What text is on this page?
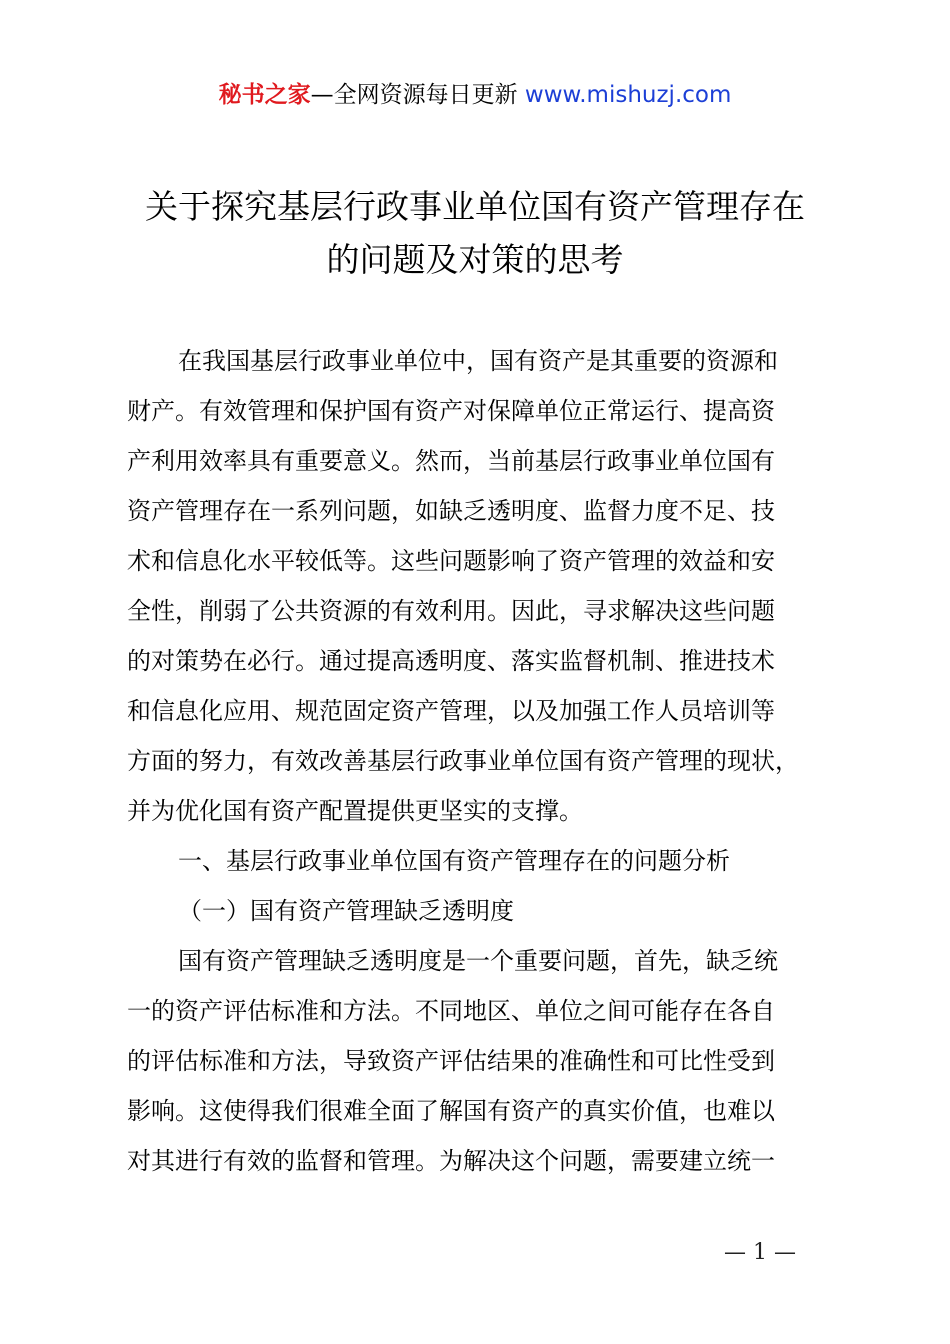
秘书之家—全网资源每日更新 www.mishuzj.com
关于探究基层行政事业单位国有资产管理存在
的问题及对策的思考
在我国基层行政事业单位中，国有资产是其重要的资源和
财产。有效管理和保护国有资产对保障单位正常运行、提高资
产利用效率具有重要意义。然而，当前基层行政事业单位国有
资产管理存在一系列问题，如缺乏透明度、监督力度不足、技
术和信息化水平较低等。这些问题影响了资产管理的效益和安
全性，削弱了公共资源的有效利用。因此，寻求解决这些问题
的对策势在必行。通过提高透明度、落实监督机制、推进技术
和信息化应用、规范固定资产管理，以及加强工作人员培训等
方面的努力，有效改善基层行政事业单位国有资产管理的现状，
并为优化国有资产配置提供更坚实的支撑。
一、基层行政事业单位国有资产管理存在的问题分析
（一）国有资产管理缺乏透明度
国有资产管理缺乏透明度是一个重要问题，首先，缺乏统
一的资产评估标准和方法。不同地区、单位之间可能存在各自
的评估标准和方法，导致资产评估结果的准确性和可比性受到
影响。这使得我们很难全面了解国有资产的真实价值，也难以
对其进行有效的监督和管理。为解决这个问题，需要建立统一
— 1 —
